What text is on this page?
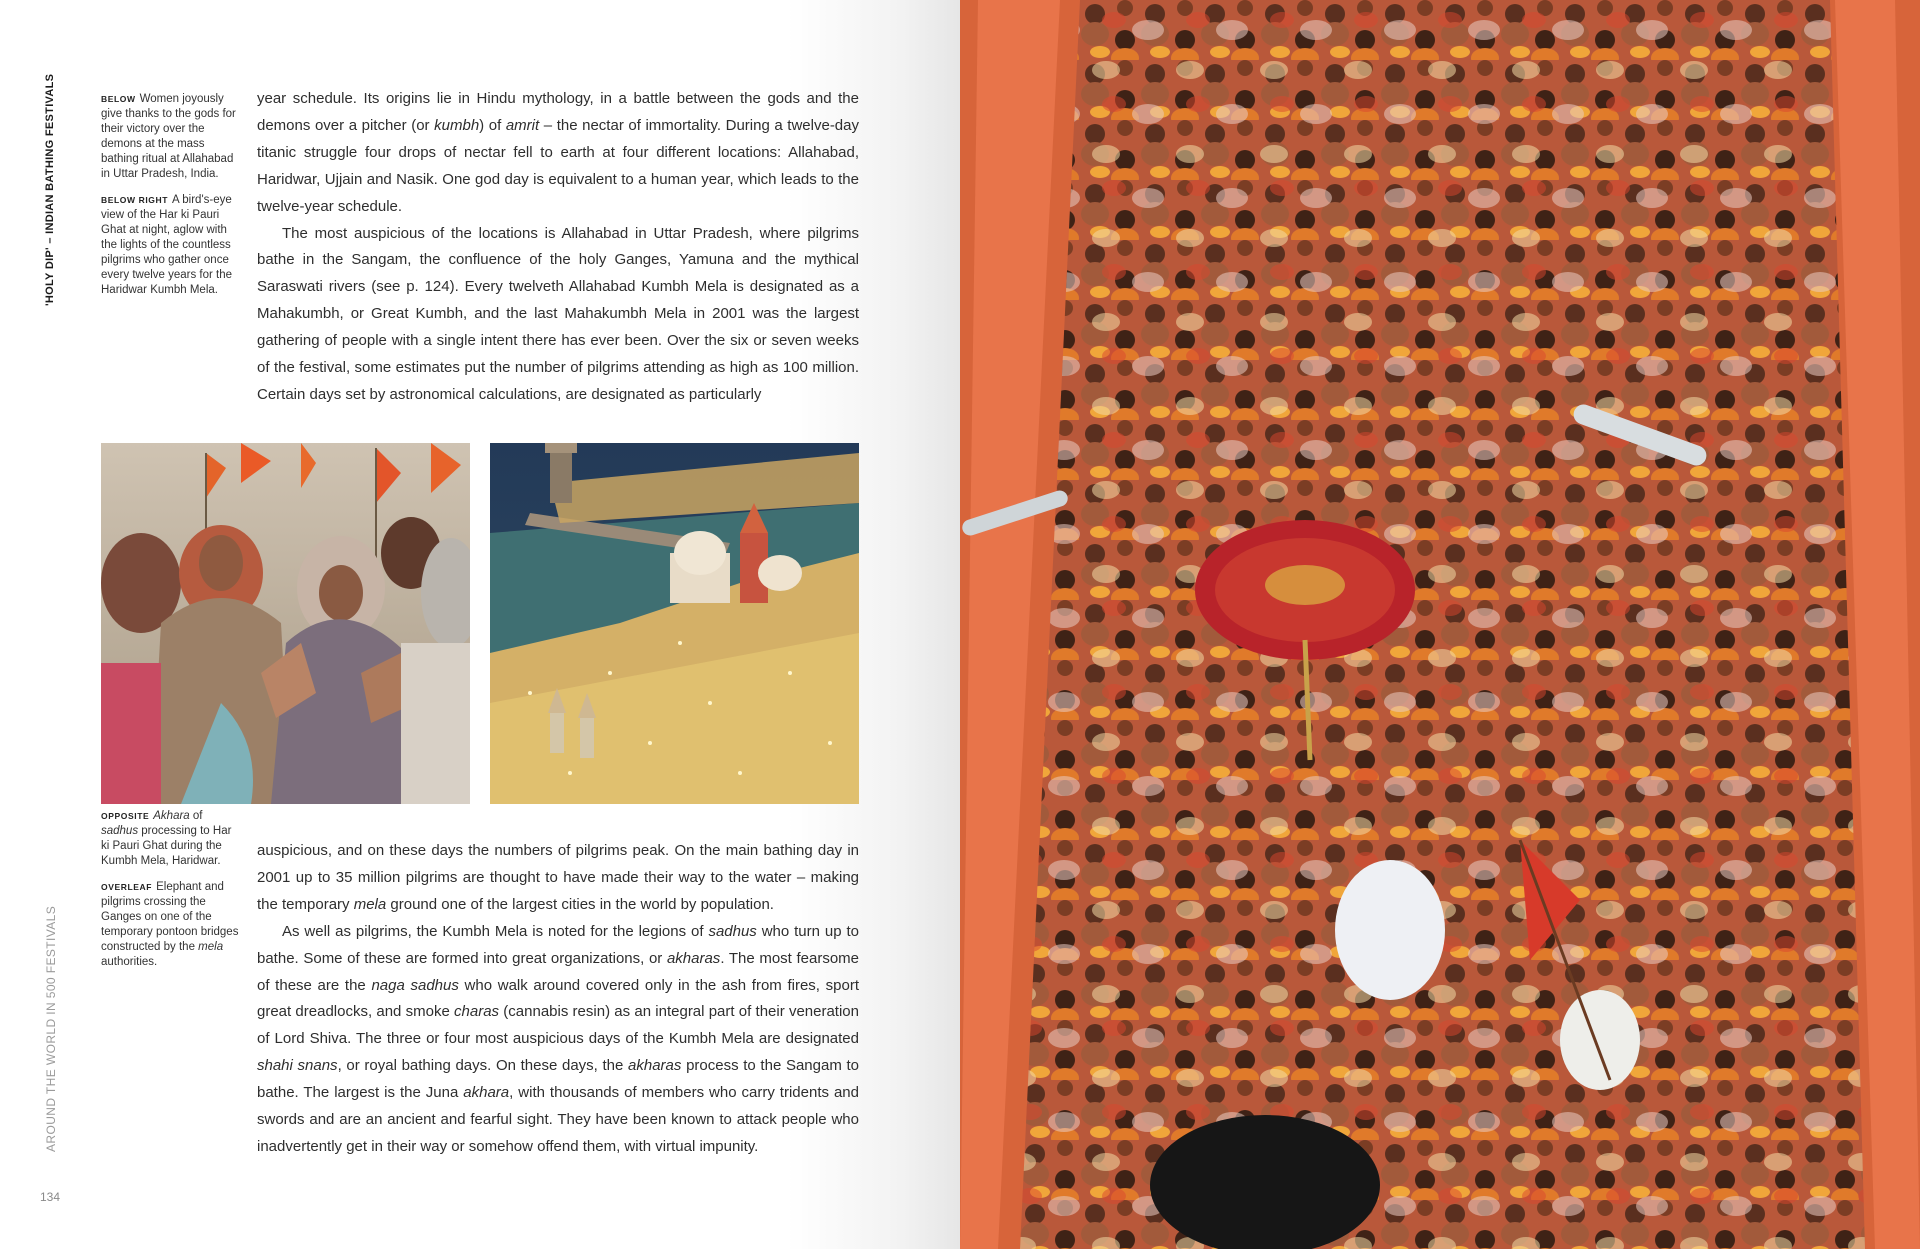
'HOLY DIP' – INDIAN BATHING FESTIVALS
AROUND THE WORLD IN 500 FESTIVALS
134

BELOW Women joyously give thanks to the gods for their victory over the demons at the mass bathing ritual at Allahabad in Uttar Pradesh, India.

BELOW RIGHT A bird's-eye view of the Har ki Pauri Ghat at night, aglow with the lights of the countless pilgrims who gather once every twelve years for the Haridwar Kumbh Mela.

year schedule. Its origins lie in Hindu mythology, in a battle between the gods and the demons over a pitcher (or kumbh) of amrit – the nectar of immortality. During a twelve-day titanic struggle four drops of nectar fell to earth at four different locations: Allahabad, Haridwar, Ujjain and Nasik. One god day is equivalent to a human year, which leads to the twelve-year schedule.

The most auspicious of the locations is Allahabad in Uttar Pradesh, where pilgrims bathe in the Sangam, the confluence of the holy Ganges, Yamuna and the mythical Saraswati rivers (see p. 124). Every twelveth Allahabad Kumbh Mela is designated as a Mahakumbh, or Great Kumbh, and the last Mahakumbh Mela in 2001 was the largest gathering of people with a single intent there has ever been. Over the six or seven weeks of the festival, some estimates put the number of pilgrims attending as high as 100 million. Certain days set by astronomical calculations, are designated as particularly

OPPOSITE Akhara of sadhus processing to Har ki Pauri Ghat during the Kumbh Mela, Haridwar.

OVERLEAF Elephant and pilgrims crossing the Ganges on one of the temporary pontoon bridges constructed by the mela authorities.

auspicious, and on these days the numbers of pilgrims peak. On the main bathing day in 2001 up to 35 million pilgrims are thought to have made their way to the water – making the temporary mela ground one of the largest cities in the world by population.

As well as pilgrims, the Kumbh Mela is noted for the legions of sadhus who turn up to bathe. Some of these are formed into great organizations, or akharas. The most fearsome of these are the naga sadhus who walk around covered only in the ash from fires, sport great dreadlocks, and smoke charas (cannabis resin) as an integral part of their veneration of Lord Shiva. The three or four most auspicious days of the Kumbh Mela are designated shahi snans, or royal bathing days. On these days, the akharas process to the Sangam to bathe. The largest is the Juna akhara, with thousands of members who carry tridents and swords and are an ancient and fearful sight. They have been known to attack people who inadvertently get in their way or somehow offend them, with virtual impunity.
